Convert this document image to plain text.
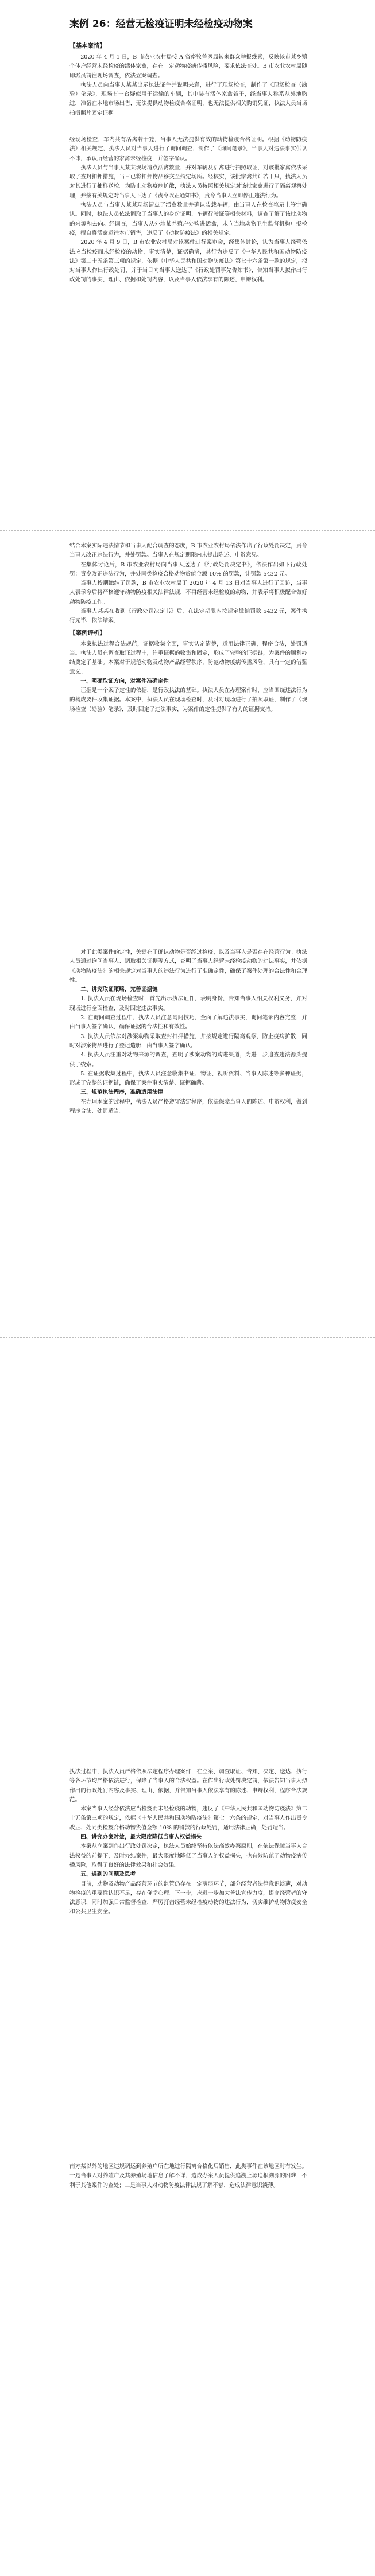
案例 26：经营无检疫证明未经检疫动物案
【基本案情】

2020 年 4 月 1 日，B 市农业农村局接 A 省畜牧兽医局转来群众举报线索，反映该市某乡镇个体户经营未经检疫的活体家禽，存在一定动物疫病传播风险，要求依法查处。B 市农业农村局随即派员前往现场调查，依法立案调查。

执法人员向当事人某某出示执法证件并说明来意，进行了现场检查，制作了《现场检查（勘验）笔录》，现场有一台疑似用于运输的车辆，其中装有活体家禽若干，经当事人称系从外地购进，准备在本地市场出售，无法提供动物检疫合格证明，也无法提供相关购销凭证，执法人员当场拍摄照片固定证据。

经现场检查，车内共有活禽若干笼，当事人无法提供有效的动物检疫合格证明。根据《动物防疫法》相关规定，执法人员对当事人进行了询问调查，制作了《询问笔录》，当事人对违法事实供认不讳，承认所经营的家禽未经检疫，并签字确认。

执法人员与当事人某某现场清点活禽数量，并对车辆及活禽进行拍照取证，对该批家禽依法采取了查封扣押措施，当日已将扣押物品移交至指定场所。经核实，该批家禽共计若干只，执法人员对其进行了抽样送检。为防止动物疫病扩散，执法人员按照相关规定对该批家禽进行了隔离观察处理，并按有关规定对当事人下达了《责令改正通知书》，责令当事人立即停止违法行为。

执法人员与当事人某某现场清点了活禽数量并确认装载车辆，由当事人在检查笔录上签字确认。同时，执法人员依法调取了当事人的身份证明、车辆行驶证等相关材料，调查了解了该批动物的来源和去向。经调查，当事人从外地某养殖户处购进活禽，未向当地动物卫生监督机构申报检疫，擅自将活禽运往本市销售，违反了《动物防疫法》的相关规定。

2020 年 4 月 9 日，B 市农业农村局对该案件进行案审会，经集体讨论，认为当事人经营依法应当检疫而未经检疫的动物，事实清楚，证据确凿，其行为违反了《中华人民共和国动物防疫法》第二十五条第三项的规定，依据《中华人民共和国动物防疫法》第七十六条第一款的规定，拟对当事人作出行政处罚，并于当日向当事人送达了《行政处罚事先告知书》，告知当事人拟作出行政处罚的事实、理由、依据和处罚内容，以及当事人依法享有的陈述、申辩权利。

结合本案实际违法情节和当事人配合调查的态度，B 市农业农村局依法作出了行政处罚决定，责令当事人改正违法行为，并处罚款。当事人在规定期限内未提出陈述、申辩意见。

在集体讨论后，B 市农业农村局向当事人送达了《行政处罚决定书》，依法作出如下行政处罚：责令改正违法行为，并处同类检疫合格动物货值金额 10% 的罚款，计罚款 5432 元。

当事人按期缴纳了罚款，B 市农业农村局于 2020 年 4 月 13 日对当事人进行了回访，当事人表示今后将严格遵守动物防疫相关法律法规，不再经营未经检疫的动物，并表示将积极配合做好动物防疫工作。

当事人某某在收到《行政处罚决定书》后，在法定期限内按规定缴纳罚款 5432 元，案件执行完毕，依法结案。

【案例评析】

本案执法过程合法规范，证据收集全面，事实认定清楚，适用法律正确，程序合法，处罚适当。执法人员在调查取证过程中，注重证据的收集和固定，形成了完整的证据链，为案件的顺利办结奠定了基础。本案对于规范动物及动物产品经营秩序，防范动物疫病传播风险，具有一定的借鉴意义。

一、明确取证方向，对案件准确定性

证据是一个案子定性的依据，是行政执法的基础。执法人员在办理案件时，应当围绕违法行为的构成要件收集证据。本案中，执法人员在现场检查时，及时对现场进行了拍照取证，制作了《现场检查（勘验）笔录》，及时固定了违法事实，为案件的定性提供了有力的证据支持。

对于此类案件的定性，关键在于确认动物是否经过检疫，以及当事人是否存在经营行为。执法人员通过询问当事人、调取相关证据等方式，查明了当事人经营未经检疫动物的违法事实，并依据《动物防疫法》的相关规定对当事人的违法行为进行了准确定性，确保了案件处理的合法性和合理性。

二、讲究取证策略，完善证据链

1. 执法人员在现场检查时，首先出示执法证件，表明身份，告知当事人相关权利义务，并对现场进行全面检查，及时固定违法事实。

2. 在询问调查过程中，执法人员注意询问技巧，全面了解违法事实，询问笔录内容完整，并由当事人签字确认，确保证据的合法性和有效性。

3. 执法人员依法对涉案动物采取查封扣押措施，并按规定进行隔离观察，防止疫病扩散，同时对涉案物品进行了登记造册，由当事人签字确认。

4. 执法人员注重对动物来源的调查，查明了涉案动物的购进渠道，为进一步追查违法源头提供了线索。

5. 在证据收集过程中，执法人员注意收集书证、物证、视听资料、当事人陈述等多种证据，形成了完整的证据链，确保了案件事实清楚、证据确凿。

三、规范执法程序，准确适用法律

在办理本案的过程中，执法人员严格遵守法定程序，依法保障当事人的陈述、申辩权利，做到程序合法、处罚适当。

执法过程中，执法人员严格依照法定程序办理案件，在立案、调查取证、告知、决定、送达、执行等各环节均严格依法进行，保障了当事人的合法权益。在作出行政处罚决定前，依法告知当事人拟作出的行政处罚内容及事实、理由、依据，并告知当事人依法享有的陈述、申辩权利，程序合法规范。

本案当事人经营依法应当检疫而未经检疫的动物，违反了《中华人民共和国动物防疫法》第二十五条第三项的规定，依据《中华人民共和国动物防疫法》第七十六条的规定，对当事人作出责令改正、处同类检疫合格动物货值金额 10% 的罚款的行政处罚，适用法律正确，处罚适当。

四、讲究办案时效，最大限度降低当事人权益损失

本案从立案到作出行政处罚决定，执法人员始终坚持依法高效办案原则，在依法保障当事人合法权益的前提下，及时办结案件，最大限度地降低了当事人的权益损失，也有效防范了动物疫病传播风险，取得了良好的法律效果和社会效果。

五、遇到的问题及思考

目前，动物及动物产品经营环节的监管仍存在一定薄弱环节，部分经营者法律意识淡薄，对动物检疫的重要性认识不足，存在侥幸心理。下一步，应进一步加大普法宣传力度，提高经营者的守法意识，同时加强日常监督检查，严厉打击经营未经检疫动物的违法行为，切实维护动物防疫安全和公共卫生安全。

南方某以外的地区违规调运到养殖户所在地进行隔离合格化后销售，此类事件在该地区时有发生。一是当事人对养殖户及其养殖场地信息了解不详，造成办案人员提供追溯上源追根溯源的困难，不利于其他案件的查处；二是当事人对动物防疫法律法规了解不够，造成法律意识淡薄。
